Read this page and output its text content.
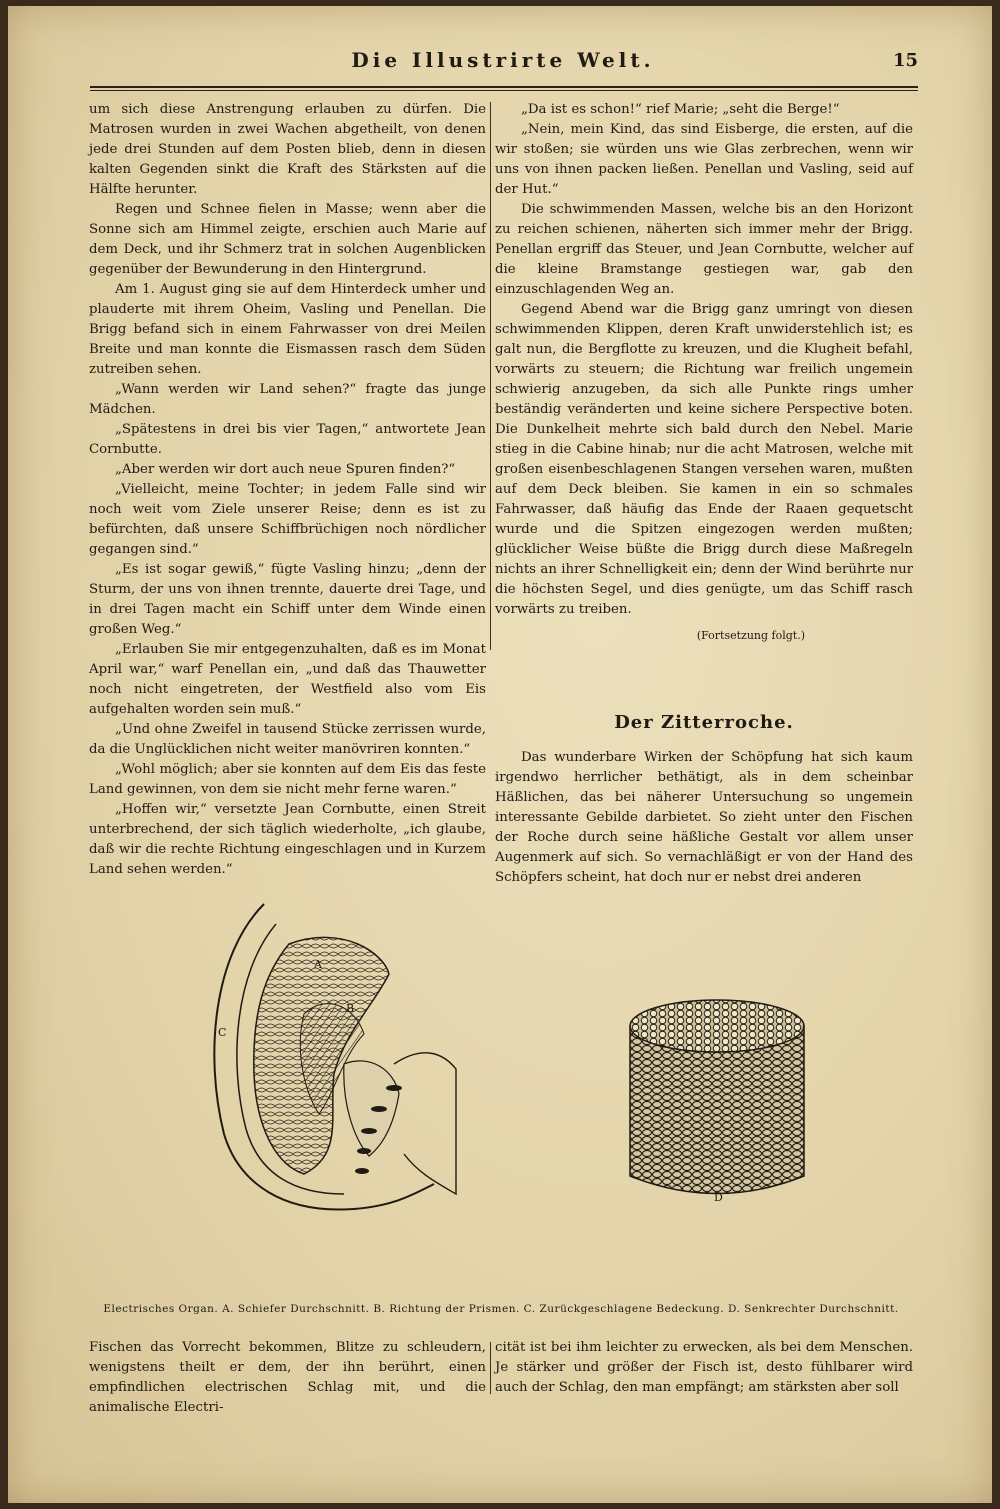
Die Illustrirte Welt.	15

um sich diese Anstrengung erlauben zu dürfen. Die Matrosen wurden in zwei Wachen abgetheilt, von denen jede drei Stunden auf dem Posten blieb, denn in diesen kalten Gegenden sinkt die Kraft des Stärksten auf die Hälfte herunter.

Regen und Schnee fielen in Masse; wenn aber die Sonne sich am Himmel zeigte, erschien auch Marie auf dem Deck, und ihr Schmerz trat in solchen Augenblicken gegenüber der Bewunderung in den Hintergrund.

Am 1. August ging sie auf dem Hinterdeck umher und plauderte mit ihrem Oheim, Vasling und Penellan. Die Brigg befand sich in einem Fahrwasser von drei Meilen Breite und man konnte die Eismassen rasch dem Süden zutreiben sehen.

„Wann werden wir Land sehen?“ fragte das junge Mädchen.

„Spätestens in drei bis vier Tagen,“ antwortete Jean Cornbutte.

„Aber werden wir dort auch neue Spuren finden?“

„Vielleicht, meine Tochter; in jedem Falle sind wir noch weit vom Ziele unserer Reise; denn es ist zu befürchten, daß unsere Schiffbrüchigen noch nördlicher gegangen sind.“

„Es ist sogar gewiß,“ fügte Vasling hinzu; „denn der Sturm, der uns von ihnen trennte, dauerte drei Tage, und in drei Tagen macht ein Schiff unter dem Winde einen großen Weg.“

„Erlauben Sie mir entgegenzuhalten, daß es im Monat April war,“ warf Penellan ein, „und daß das Thauwetter noch nicht eingetreten, der Westfield also vom Eis aufgehalten worden sein muß.“

„Und ohne Zweifel in tausend Stücke zerrissen wurde, da die Unglücklichen nicht weiter manövriren konnten.“

„Wohl möglich; aber sie konnten auf dem Eis das feste Land gewinnen, von dem sie nicht mehr ferne waren.“

„Hoffen wir,“ versetzte Jean Cornbutte, einen Streit unterbrechend, der sich täglich wiederholte, „ich glaube, daß wir die rechte Richtung eingeschlagen und in Kurzem Land sehen werden.“

„Da ist es schon!“ rief Marie; „seht die Berge!“

„Nein, mein Kind, das sind Eisberge, die ersten, auf die wir stoßen; sie würden uns wie Glas zerbrechen, wenn wir uns von ihnen packen ließen. Penellan und Vasling, seid auf der Hut.“

Die schwimmenden Massen, welche bis an den Horizont zu reichen schienen, näherten sich immer mehr der Brigg. Penellan ergriff das Steuer, und Jean Cornbutte, welcher auf die kleine Bramstange gestiegen war, gab den einzuschlagenden Weg an.

Gegend Abend war die Brigg ganz umringt von diesen schwimmenden Klippen, deren Kraft unwiderstehlich ist; es galt nun, die Bergflotte zu kreuzen, und die Klugheit befahl, vorwärts zu steuern; die Richtung war freilich ungemein schwierig anzugeben, da sich alle Punkte rings umher beständig veränderten und keine sichere Perspective boten. Die Dunkelheit mehrte sich bald durch den Nebel. Marie stieg in die Cabine hinab; nur die acht Matrosen, welche mit großen eisenbeschlagenen Stangen versehen waren, mußten auf dem Deck bleiben. Sie kamen in ein so schmales Fahrwasser, daß häufig das Ende der Raaen gequetscht wurde und die Spitzen eingezogen werden mußten; glücklicher Weise büßte die Brigg durch diese Maßregeln nichts an ihrer Schnelligkeit ein; denn der Wind berührte nur die höchsten Segel, und dies genügte, um das Schiff rasch vorwärts zu treiben.

(Fortsetzung folgt.)
Der Zitterroche.

Das wunderbare Wirken der Schöpfung hat sich kaum irgendwo herrlicher bethätigt, als in dem scheinbar Häßlichen, das bei näherer Untersuchung so ungemein interessante Gebilde darbietet. So zieht unter den Fischen der Roche durch seine häßliche Gestalt vor allem unser Augenmerk auf sich. So vernachläßigt er von der Hand des Schöpfers scheint, hat doch nur er nebst drei anderen

B
C
A
D
Electrisches Organ. A. Schiefer Durchschnitt. B. Richtung der Prismen. C. Zurückgeschlagene Bedeckung. D. Senkrechter Durchschnitt.

Fischen das Vorrecht bekommen, Blitze zu schleudern, wenigstens theilt er dem, der ihn berührt, einen empfindlichen electrischen Schlag mit, und die animalische Electri-

cität ist bei ihm leichter zu erwecken, als bei dem Menschen. Je stärker und größer der Fisch ist, desto fühlbarer wird auch der Schlag, den man empfängt; am stärksten aber soll
